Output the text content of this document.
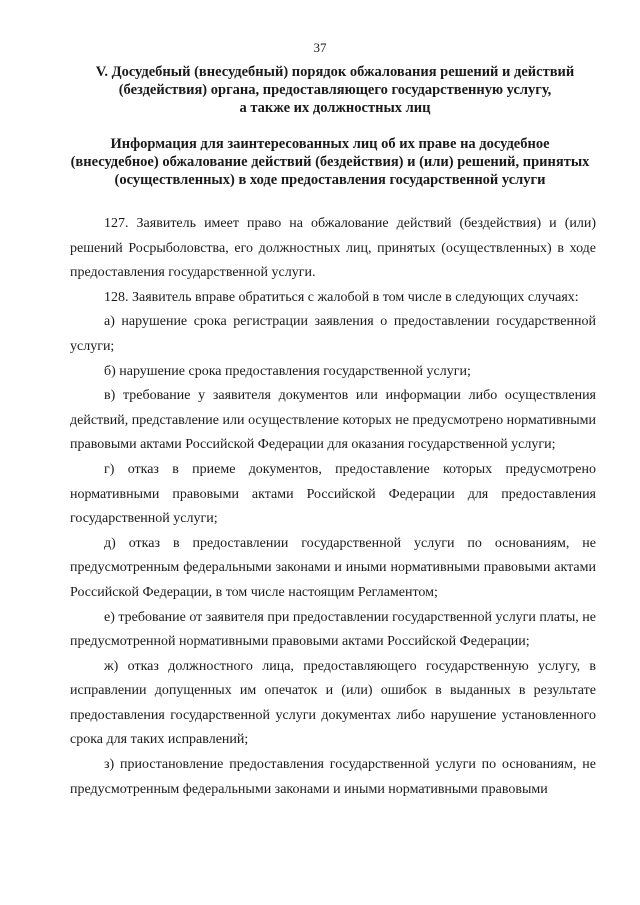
37
V. Досудебный (внесудебный) порядок обжалования решений и действий
(бездействия) органа, предоставляющего государственную услугу,
а также их должностных лиц
Информация для заинтересованных лиц об их праве на досудебное
(внесудебное) обжалование действий (бездействия) и (или) решений, принятых
(осуществленных) в ходе предоставления государственной услуги

127. Заявитель имеет право на обжалование действий (бездействия) и (или) решений Росрыболовства, его должностных лиц, принятых (осуществленных) в ходе предоставления государственной услуги.

128. Заявитель вправе обратиться с жалобой в том числе в следующих случаях:

а) нарушение срока регистрации заявления о предоставлении государственной услуги;

б) нарушение срока предоставления государственной услуги;

в) требование у заявителя документов или информации либо осуществления действий, представление или осуществление которых не предусмотрено нормативными правовыми актами Российской Федерации для оказания государственной услуги;

г) отказ в приеме документов, предоставление которых предусмотрено нормативными правовыми актами Российской Федерации для предоставления государственной услуги;

д) отказ в предоставлении государственной услуги по основаниям, не предусмотренным федеральными законами и иными нормативными правовыми актами Российской Федерации, в том числе настоящим Регламентом;

е) требование от заявителя при предоставлении государственной услуги платы, не предусмотренной нормативными правовыми актами Российской Федерации;

ж) отказ должностного лица, предоставляющего государственную услугу, в исправлении допущенных им опечаток и (или) ошибок в выданных в результате предоставления государственной услуги документах либо нарушение установленного срока для таких исправлений;

з) приостановление предоставления государственной услуги по основаниям, не предусмотренным федеральными законами и иными нормативными правовыми
